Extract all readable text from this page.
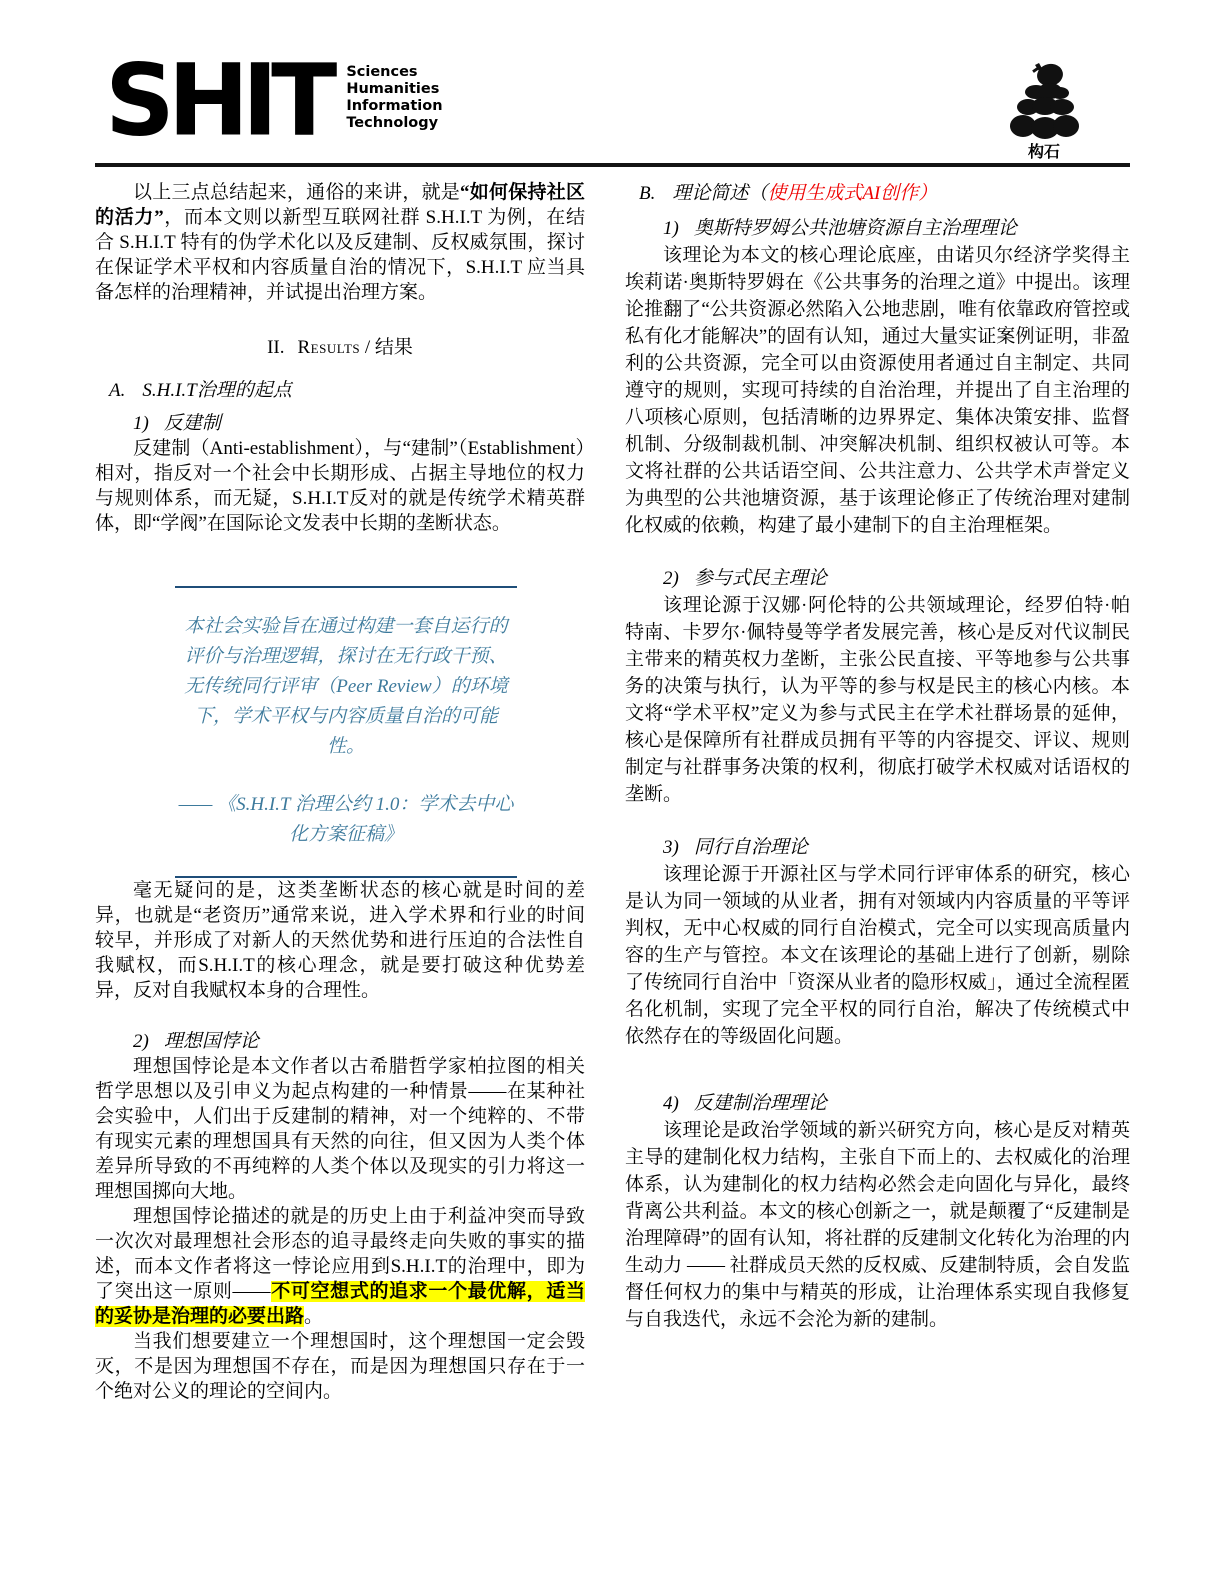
SHIT Sciences
Humanities
Information
Technology
构石

以上三点总结起来，通俗的来讲，就是“如何保持社区的活力”，而本文则以新型互联网社群 S.H.I.T 为例，在结合 S.H.I.T 特有的伪学术化以及反建制、反权威氛围，探讨在保证学术平权和内容质量自治的情况下，S.H.I.T 应当具备怎样的治理精神，并试提出治理方案。

II. Results / 结果
A. S.H.I.T治理的起点
1) 反建制

反建制（Anti-establishment），与“建制”（Establishment）相对，指反对一个社会中长期形成、占据主导地位的权力与规则体系，而无疑，S.H.I.T反对的就是传统学术精英群体，即“学阀”在国际论文发表中长期的垄断状态。

本社会实验旨在通过构建一套自运行的评价与治理逻辑，探讨在无行政干预、无传统同行评审（Peer Review）的环境下，学术平权与内容质量自治的可能性。
—— 《S.H.I.T 治理公约 1.0：学术去中心化方案征稿》

毫无疑问的是，这类垄断状态的核心就是时间的差异，也就是“老资历”通常来说，进入学术界和行业的时间较早，并形成了对新人的天然优势和进行压迫的合法性自我赋权，而S.H.I.T的核心理念，就是要打破这种优势差异，反对自我赋权本身的合理性。

2) 理想国悖论

理想国悖论是本文作者以古希腊哲学家柏拉图的相关哲学思想以及引申义为起点构建的一种情景——在某种社会实验中，人们出于反建制的精神，对一个纯粹的、不带有现实元素的理想国具有天然的向往，但又因为人类个体差异所导致的不再纯粹的人类个体以及现实的引力将这一理想国掷向大地。

理想国悖论描述的就是的历史上由于利益冲突而导致一次次对最理想社会形态的追寻最终走向失败的事实的描述，而本文作者将这一悖论应用到S.H.I.T的治理中，即为了突出这一原则——不可空想式的追求一个最优解，适当的妥协是治理的必要出路。

当我们想要建立一个理想国时，这个理想国一定会毁灭，不是因为理想国不存在，而是因为理想国只存在于一个绝对公义的理论的空间内。

B. 理论简述（使用生成式AI创作）
1) 奥斯特罗姆公共池塘资源自主治理理论

该理论为本文的核心理论底座，由诺贝尔经济学奖得主埃莉诺·奥斯特罗姆在《公共事务的治理之道》中提出。该理论推翻了“公共资源必然陷入公地悲剧，唯有依靠政府管控或私有化才能解决”的固有认知，通过大量实证案例证明，非盈利的公共资源，完全可以由资源使用者通过自主制定、共同遵守的规则，实现可持续的自治治理，并提出了自主治理的八项核心原则，包括清晰的边界界定、集体决策安排、监督机制、分级制裁机制、冲突解决机制、组织权被认可等。本文将社群的公共话语空间、公共注意力、公共学术声誉定义为典型的公共池塘资源，基于该理论修正了传统治理对建制化权威的依赖，构建了最小建制下的自主治理框架。

2) 参与式民主理论

该理论源于汉娜·阿伦特的公共领域理论，经罗伯特·帕特南、卡罗尔·佩特曼等学者发展完善，核心是反对代议制民主带来的精英权力垄断，主张公民直接、平等地参与公共事务的决策与执行，认为平等的参与权是民主的核心内核。本文将“学术平权”定义为参与式民主在学术社群场景的延伸，核心是保障所有社群成员拥有平等的内容提交、评议、规则制定与社群事务决策的权利，彻底打破学术权威对话语权的垄断。

3) 同行自治理论

该理论源于开源社区与学术同行评审体系的研究，核心是认为同一领域的从业者，拥有对领域内内容质量的平等评判权，无中心权威的同行自治模式，完全可以实现高质量内容的生产与管控。本文在该理论的基础上进行了创新，剔除了传统同行自治中「资深从业者的隐形权威」，通过全流程匿名化机制，实现了完全平权的同行自治，解决了传统模式中依然存在的等级固化问题。

4) 反建制治理理论

该理论是政治学领域的新兴研究方向，核心是反对精英主导的建制化权力结构，主张自下而上的、去权威化的治理体系，认为建制化的权力结构必然会走向固化与异化，最终背离公共利益。本文的核心创新之一，就是颠覆了“反建制是治理障碍”的固有认知，将社群的反建制文化转化为治理的内生动力 —— 社群成员天然的反权威、反建制特质，会自发监督任何权力的集中与精英的形成，让治理体系实现自我修复与自我迭代，永远不会沦为新的建制。
